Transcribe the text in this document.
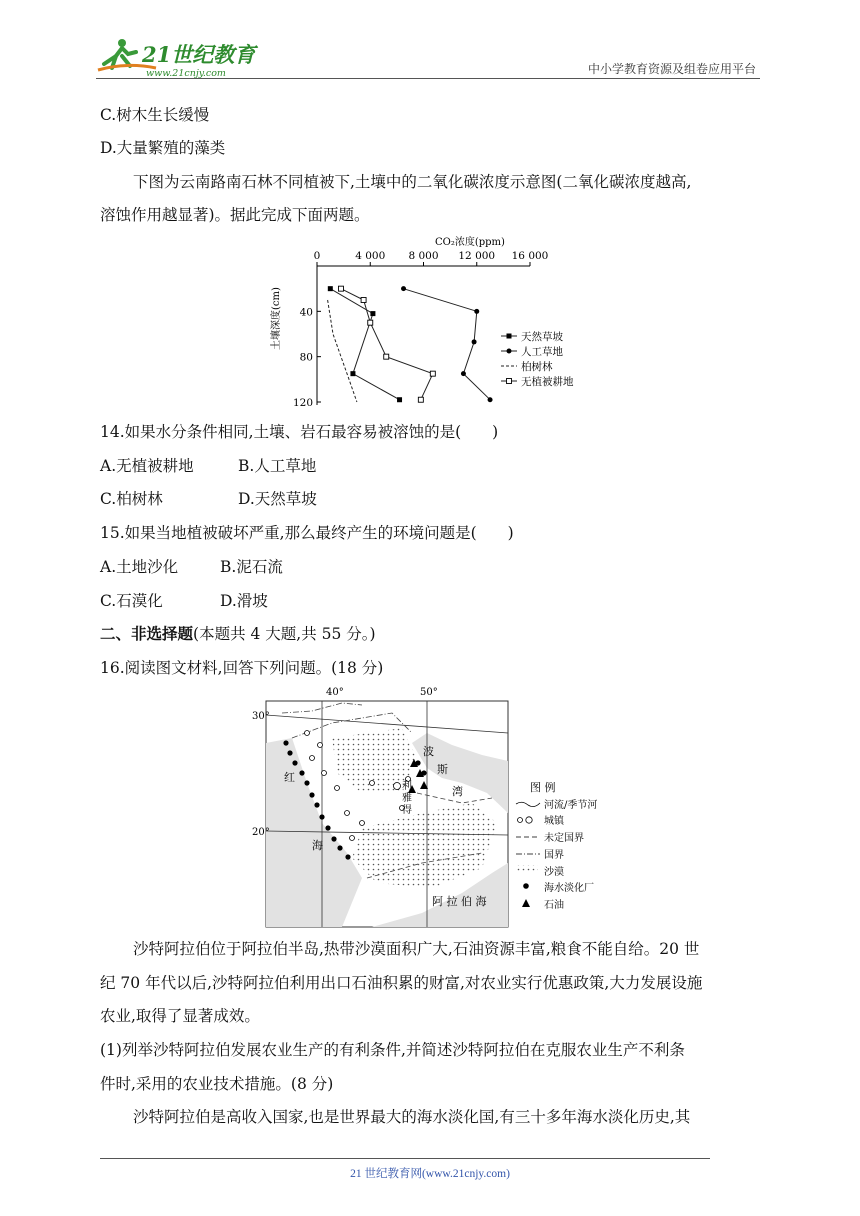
21世纪教育
www.21cnjy.com	中小学教育资源及组卷应用平台
C.树木生长缓慢
D.大量繁殖的藻类
下图为云南路南石林不同植被下,土壤中的二氧化碳浓度示意图(二氧化碳浓度越高,
溶蚀作用越显著)。据此完成下面两题。
CO₂浓度(ppm)
0	4 000 8 000 12 000 16 000
40
80
120
土壤深度(cm)	天然草坡
人工草地
柏树林
无植被耕地
14.如果水分条件相同,土壤、岩石最容易被溶蚀的是(　　)
A.无植被耕地	B.人工草地
C.柏树林	D.天然草坡
15.如果当地植被破坏严重,那么最终产生的环境问题是(　　)
A.土地沙化	B.泥石流
C.石漠化	D.滑坡
二、非选择题(本题共 4 大题,共 55 分。)
16.阅读图文材料,回答下列问题。(18 分)
40°	50°
30°
20°
红
海
波
斯
湾
利
雅
得
阿 拉 伯 海
图 例
河流/季节河
城镇
未定国界
国界
沙漠
海水淡化厂
石油
沙特阿拉伯位于阿拉伯半岛,热带沙漠面积广大,石油资源丰富,粮食不能自给。20 世
纪 70 年代以后,沙特阿拉伯利用出口石油积累的财富,对农业实行优惠政策,大力发展设施
农业,取得了显著成效。
(1)列举沙特阿拉伯发展农业生产的有利条件,并简述沙特阿拉伯在克服农业生产不利条
件时,采用的农业技术措施。(8 分)
沙特阿拉伯是高收入国家,也是世界最大的海水淡化国,有三十多年海水淡化历史,其
21 世纪教育网(www.21cnjy.com)
